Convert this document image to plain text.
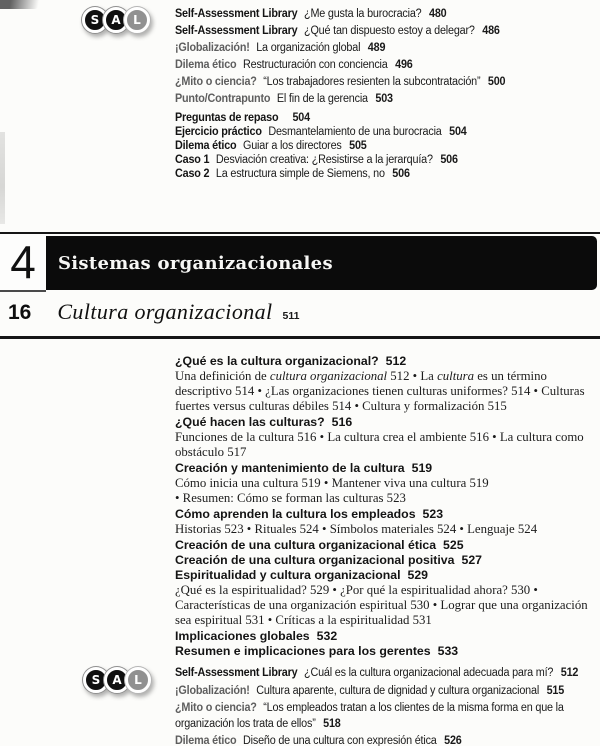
S	A	L	Self-Assessment Library ¿Me gusta la burocracia? 480
Self-Assessment Library ¿Qué tan dispuesto estoy a delegar? 486
¡Globalización! La organización global 489
Dilema ético Restructuración con conciencia 496
¿Mito o ciencia? “Los trabajadores resienten la subcontratación” 500
Punto/Contrapunto El fin de la gerencia 503
Preguntas de repaso 504
Ejercicio práctico Desmantelamiento de una burocracia 504
Dilema ético Guiar a los directores 505
Caso 1 Desviación creativa: ¿Resistirse a la jerarquía? 506
Caso 2 La estructura simple de Siemens, no 506
4	Sistemas organizacionales
16 Cultura organizacional 511
¿Qué es la cultura organizacional? 512
Una definición de cultura organizacional 512 • La cultura es un término descriptivo 514 • ¿Las organizaciones tienen culturas uniformes? 514 • Culturas fuertes versus culturas débiles 514 • Cultura y formalización 515
¿Qué hacen las culturas? 516
Funciones de la cultura 516 • La cultura crea el ambiente 516 • La cultura como obstáculo 517
Creación y mantenimiento de la cultura 519
Cómo inicia una cultura 519 • Mantener viva una cultura 519
• Resumen: Cómo se forman las culturas 523
Cómo aprenden la cultura los empleados 523
Historias 523 • Rituales 524 • Símbolos materiales 524 • Lenguaje 524
Creación de una cultura organizacional ética 525
Creación de una cultura organizacional positiva 527
Espiritualidad y cultura organizacional 529
¿Qué es la espiritualidad? 529 • ¿Por qué la espiritualidad ahora? 530 • Características de una organización espiritual 530 • Lograr que una organización sea espiritual 531 • Críticas a la espiritualidad 531
Implicaciones globales 532
Resumen e implicaciones para los gerentes 533
S	A	L	Self-Assessment Library ¿Cuál es la cultura organizacional adecuada para mí? 512
¡Globalización! Cultura aparente, cultura de dignidad y cultura organizacional 515
¿Mito o ciencia? “Los empleados tratan a los clientes de la misma forma en que la organización los trata de ellos” 518
Dilema ético Diseño de una cultura con expresión ética 526
